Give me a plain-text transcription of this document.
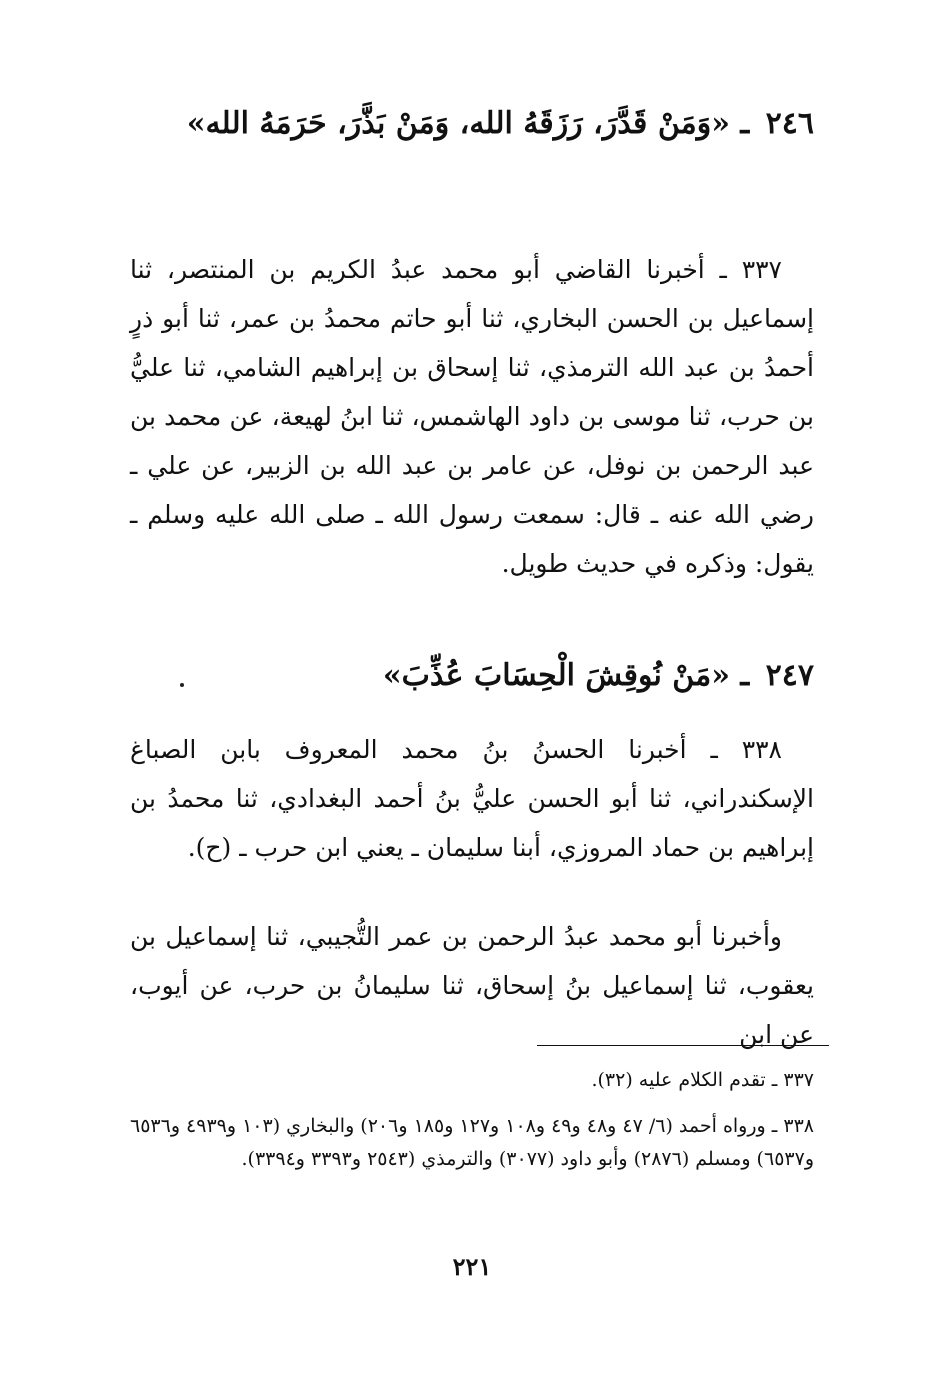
٢٤٦ ـ «وَمَنْ قَدَّرَ، رَزَقَهُ الله، وَمَنْ بَذَّرَ، حَرَمَهُ الله»
٣٣٧ ـ أخبرنا القاضي أبو محمد عبدُ الكريم بن المنتصر، ثنا إسماعيل بن الحسن البخاري، ثنا أبو حاتم محمدُ بن عمر، ثنا أبو ذرٍ أحمدُ بن عبد الله الترمذي، ثنا إسحاق بن إبراهيم الشامي، ثنا عليُّ بن حرب، ثنا موسى بن داود الهاشمس، ثنا ابنُ لهيعة، عن محمد بن عبد الرحمن بن نوفل، عن عامر بن عبد الله بن الزبير، عن علي ـ رضي الله عنه ـ قال: سمعت رسول الله ـ صلى الله عليه وسلم ـ يقول: وذكره في حديث طويل.
٢٤٧ ـ «مَنْ نُوقِشَ الْحِسَابَ عُذِّبَ»
٣٣٨ ـ أخبرنا الحسنُ بنُ محمد المعروف بابن الصباغ الإسكندراني، ثنا أبو الحسن عليُّ بنُ أحمد البغدادي، ثنا محمدُ بن إبراهيم بن حماد المروزي، أبنا سليمان ـ يعني ابن حرب ـ (ح).
وأخبرنا أبو محمد عبدُ الرحمن بن عمر التُّجيبي، ثنا إسماعيل بن يعقوب، ثنا إسماعيل بنُ إسحاق، ثنا سليمانُ بن حرب، عن أيوب، عن ابن
٣٣٧ ـ تقدم الكلام عليه (٣٢).
٣٣٨ ـ ورواه أحمد (٦/ ٤٧ و٤٨ و٤٩ و١٠٨ و١٢٧ و١٨٥ و٢٠٦) والبخاري (١٠٣ و٤٩٣٩ و٦٥٣٦ و٦٥٣٧) ومسلم (٢٨٧٦) وأبو داود (٣٠٧٧) والترمذي (٢٥٤٣ و٣٣٩٣ و٣٣٩٤).
٢٢١
